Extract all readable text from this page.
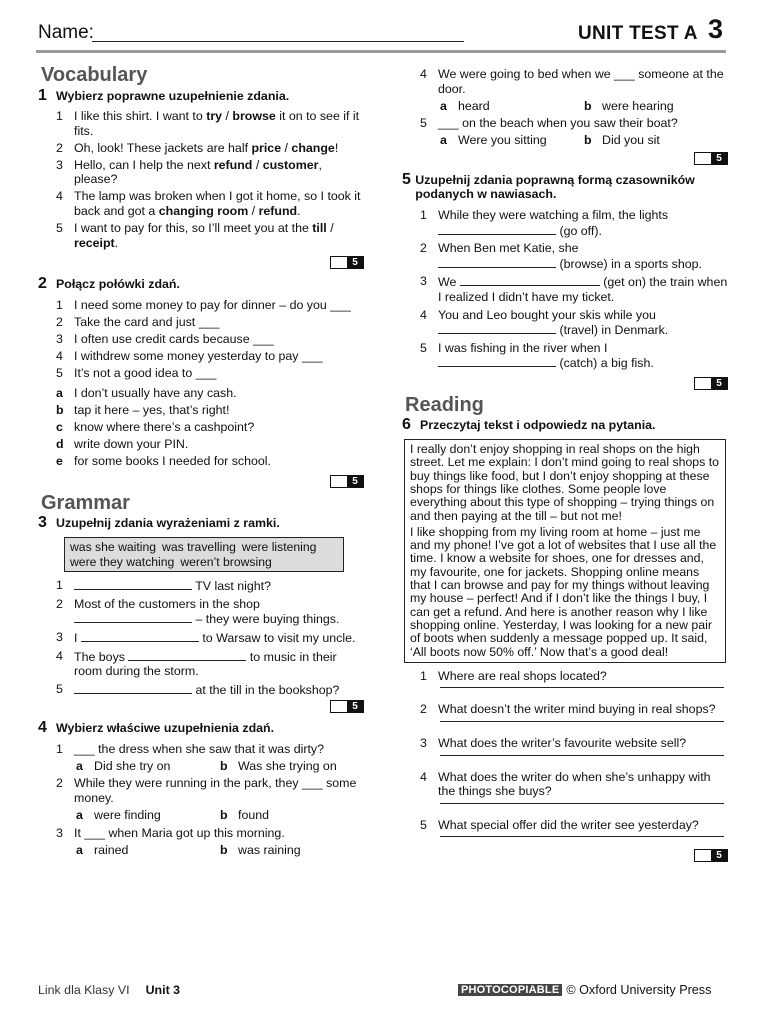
Name:	UNIT TEST A 3
Vocabulary
1 Wybierz poprawne uzupełnienie zdania.
1 I like this shirt. I want to try / browse it on to see if it fits.
2 Oh, look! These jackets are half price / change!
3 Hello, can I help the next refund / customer, please?
4 The lamp was broken when I got it home, so I took it back and got a changing room / refund.
5 I want to pay for this, so I’ll meet you at the till / receipt.
5
2 Połącz połówki zdań.
1 I need some money to pay for dinner – do you ___
2 Take the card and just ___
3 I often use credit cards because ___
4 I withdrew some money yesterday to pay ___
5 It’s not a good idea to ___
a I don’t usually have any cash.
b tap it here – yes, that’s right!
c know where there’s a cashpoint?
d write down your PIN.
e for some books I needed for school.
5
Grammar
3 Uzupełnij zdania wyrażeniami z ramki.
was she waiting was travelling were listening
were they watching weren’t browsing
1	TV last night?
2 Most of the customers in the shop
– they were buying things.
3 I	to Warsaw to visit my uncle.
4 The boys	to music in their room during the storm.
5	at the till in the bookshop?
5
4 Wybierz właściwe uzupełnienia zdań.
1 ___ the dress when she saw that it was dirty?
a Did she try on	b Was she trying on
2 While they were running in the park, they ___ some money.
a were finding	b found
3 It ___ when Maria got up this morning.
a rained	b was raining
4 We were going to bed when we ___ someone at the door.
a heard	b were hearing
5 ___ on the beach when you saw their boat?
a Were you sitting	b Did you sit
5
5 Uzupełnij zdania poprawną formą czasowników podanych w nawiasach.
1 While they were watching a film, the lights
(go off).
2 When Ben met Katie, she
(browse) in a sports shop.
3 We	(get on) the train when I realized I didn’t have my ticket.
4 You and Leo bought your skis while you
(travel) in Denmark.
5 I was fishing in the river when I
(catch) a big fish.
5
Reading
6 Przeczytaj tekst i odpowiedz na pytania.

I really don’t enjoy shopping in real shops on the high street. Let me explain: I don’t mind going to real shops to buy things like food, but I don’t enjoy shopping at these shops for things like clothes. Some people love everything about this type of shopping – trying things on and then paying at the till – but not me!

I like shopping from my living room at home – just me and my phone! I’ve got a lot of websites that I use all the time. I know a website for shoes, one for dresses and, my favourite, one for jackets. Shopping online means that I can browse and pay for my things without leaving my house – perfect! And if I don’t like the things I buy, I can get a refund. And here is another reason why I like shopping online. Yesterday, I was looking for a new pair of boots when suddenly a message popped up. It said, ‘All boots now 50% off.’ Now that’s a good deal!

1 Where are real shops located?
2 What doesn’t the writer mind buying in real shops?
3 What does the writer’s favourite website sell?
4 What does the writer do when she’s unhappy with the things she buys?
5 What special offer did the writer see yesterday?
5
Link dla Klasy VI Unit 3	PHOTOCOPIABLE © Oxford University Press
